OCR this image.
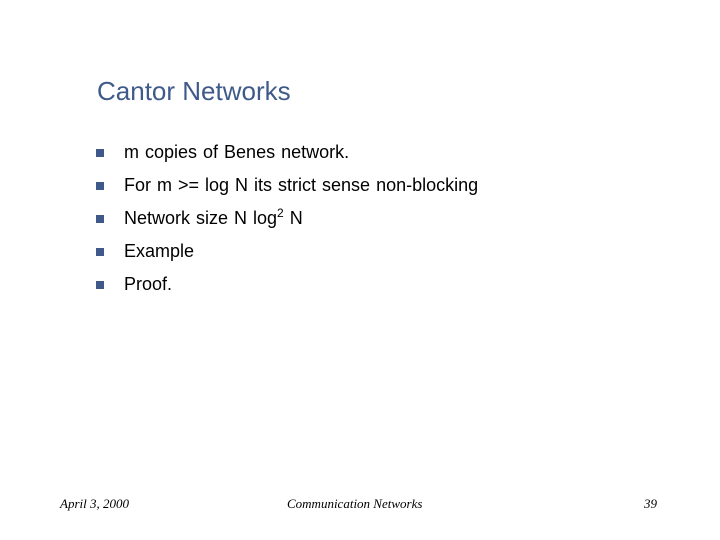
Cantor Networks
m copies of Benes network.
For m >= log N its strict sense non-blocking
Network size N $\log^2 N$
Example
Proof.
April 3, 2000	Communication Networks	39
